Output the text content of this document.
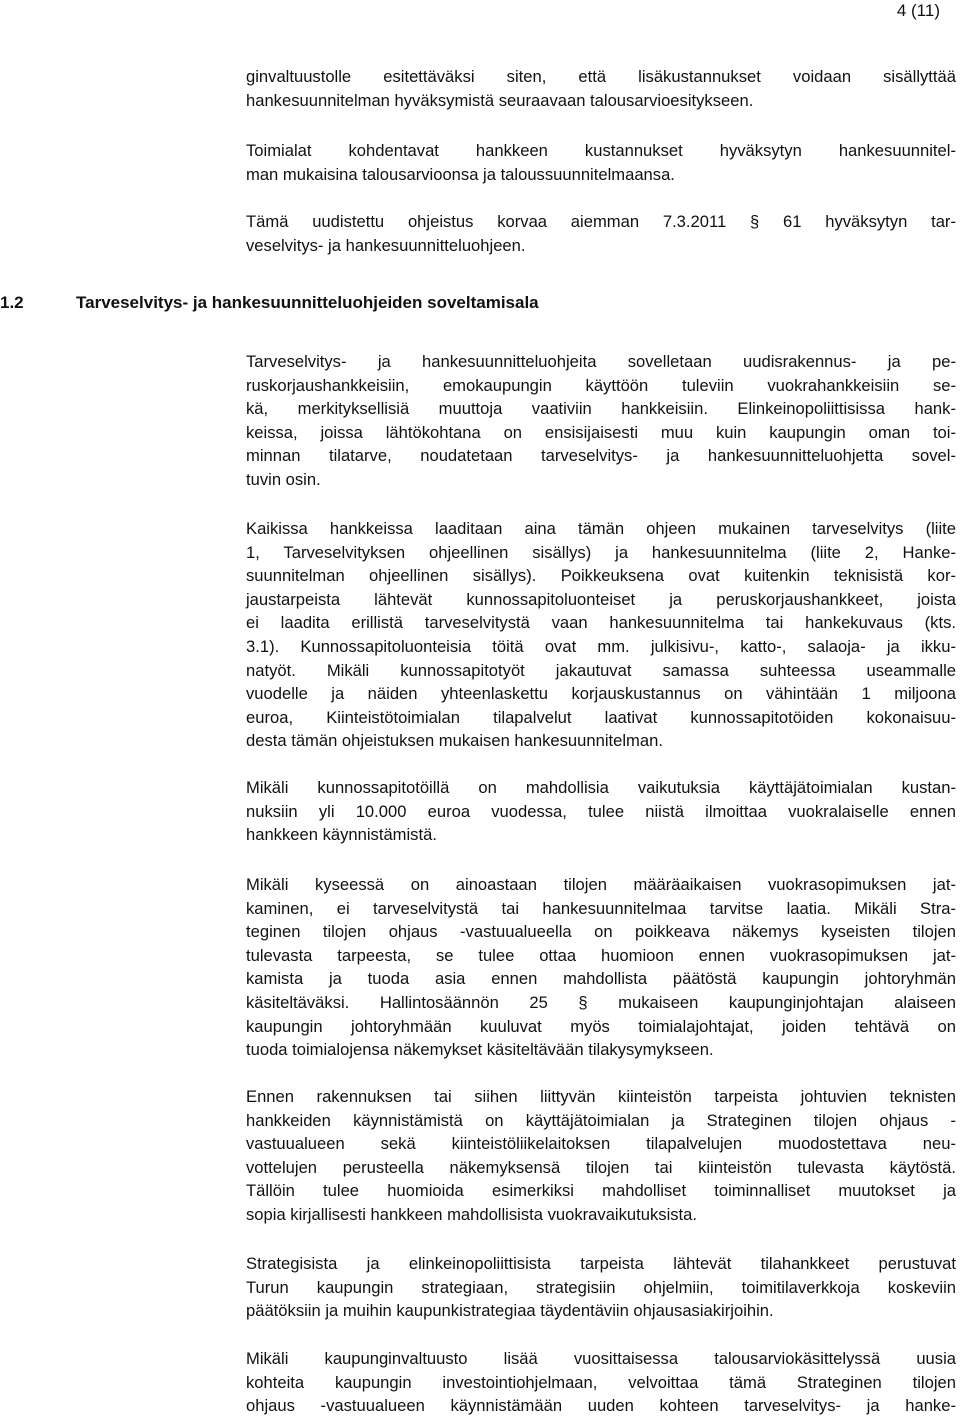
4 (11)
ginvaltuustolle esitettäväksi siten, että lisäkustannukset voidaan sisällyttää
hankesuunnitelman hyväksymistä seuraavaan talousarvioesitykseen.
Toimialat kohdentavat hankkeen kustannukset hyväksytyn hankesuunnitel-
man mukaisina talousarvioonsa ja taloussuunnitelmaansa.
Tämä uudistettu ohjeistus korvaa aiemman 7.3.2011 § 61 hyväksytyn tar-
veselvitys- ja hankesuunnitteluohjeen.
1.2	Tarveselvitys- ja hankesuunnitteluohjeiden soveltamisala
Tarveselvitys- ja hankesuunnitteluohjeita sovelletaan uudisrakennus- ja pe-
ruskorjaushankkeisiin, emokaupungin käyttöön tuleviin vuokrahankkeisiin se-
kä, merkityksellisiä muuttoja vaativiin hankkeisiin. Elinkeinopoliittisissa hank-
keissa, joissa lähtökohtana on ensisijaisesti muu kuin kaupungin oman toi-
minnan tilatarve, noudatetaan tarveselvitys- ja hankesuunnitteluohjetta sovel-
tuvin osin.
Kaikissa hankkeissa laaditaan aina tämän ohjeen mukainen tarveselvitys (liite
1, Tarveselvityksen ohjeellinen sisällys) ja hankesuunnitelma (liite 2, Hanke-
suunnitelman ohjeellinen sisällys). Poikkeuksena ovat kuitenkin teknisistä kor-
jaustarpeista lähtevät kunnossapitoluonteiset ja peruskorjaushankkeet, joista
ei laadita erillistä tarveselvitystä vaan hankesuunnitelma tai hankekuvaus (kts.
3.1). Kunnossapitoluonteisia töitä ovat mm. julkisivu-, katto-, salaoja- ja ikku-
natyöt. Mikäli kunnossapitotyöt jakautuvat samassa suhteessa useammalle
vuodelle ja näiden yhteenlaskettu korjauskustannus on vähintään 1 miljoona
euroa, Kiinteistötoimialan tilapalvelut laativat kunnossapitotöiden kokonaisuu-
desta tämän ohjeistuksen mukaisen hankesuunnitelman.
Mikäli kunnossapitotöillä on mahdollisia vaikutuksia käyttäjätoimialan kustan-
nuksiin yli 10.000 euroa vuodessa, tulee niistä ilmoittaa vuokralaiselle ennen
hankkeen käynnistämistä.
Mikäli kyseessä on ainoastaan tilojen määräaikaisen vuokrasopimuksen jat-
kaminen, ei tarveselvitystä tai hankesuunnitelmaa tarvitse laatia. Mikäli Stra-
teginen tilojen ohjaus -vastuualueella on poikkeava näkemys kyseisten tilojen
tulevasta tarpeesta, se tulee ottaa huomioon ennen vuokrasopimuksen jat-
kamista ja tuoda asia ennen mahdollista päätöstä kaupungin johtoryhmän
käsiteltäväksi. Hallintosäännön 25 § mukaiseen kaupunginjohtajan alaiseen
kaupungin johtoryhmään kuuluvat myös toimialajohtajat, joiden tehtävä on
tuoda toimialojensa näkemykset käsiteltävään tilakysymykseen.
Ennen rakennuksen tai siihen liittyvän kiinteistön tarpeista johtuvien teknisten
hankkeiden käynnistämistä on käyttäjätoimialan ja Strateginen tilojen ohjaus -
vastuualueen sekä kiinteistöliikelaitoksen tilapalvelujen muodostettava neu-
vottelujen perusteella näkemyksensä tilojen tai kiinteistön tulevasta käytöstä.
Tällöin tulee huomioida esimerkiksi mahdolliset toiminnalliset muutokset ja
sopia kirjallisesti hankkeen mahdollisista vuokravaikutuksista.
Strategisista ja elinkeinopoliittisista tarpeista lähtevät tilahankkeet perustuvat
Turun kaupungin strategiaan, strategisiin ohjelmiin, toimitilaverkkoja koskeviin
päätöksiin ja muihin kaupunkistrategiaa täydentäviin ohjausasiakirjoihin.
Mikäli kaupunginvaltuusto lisää vuosittaisessa talousarviokäsittelyssä uusia
kohteita kaupungin investointiohjelmaan, velvoittaa tämä Strateginen tilojen
ohjaus -vastuualueen käynnistämään uuden kohteen tarveselvitys- ja hanke-
